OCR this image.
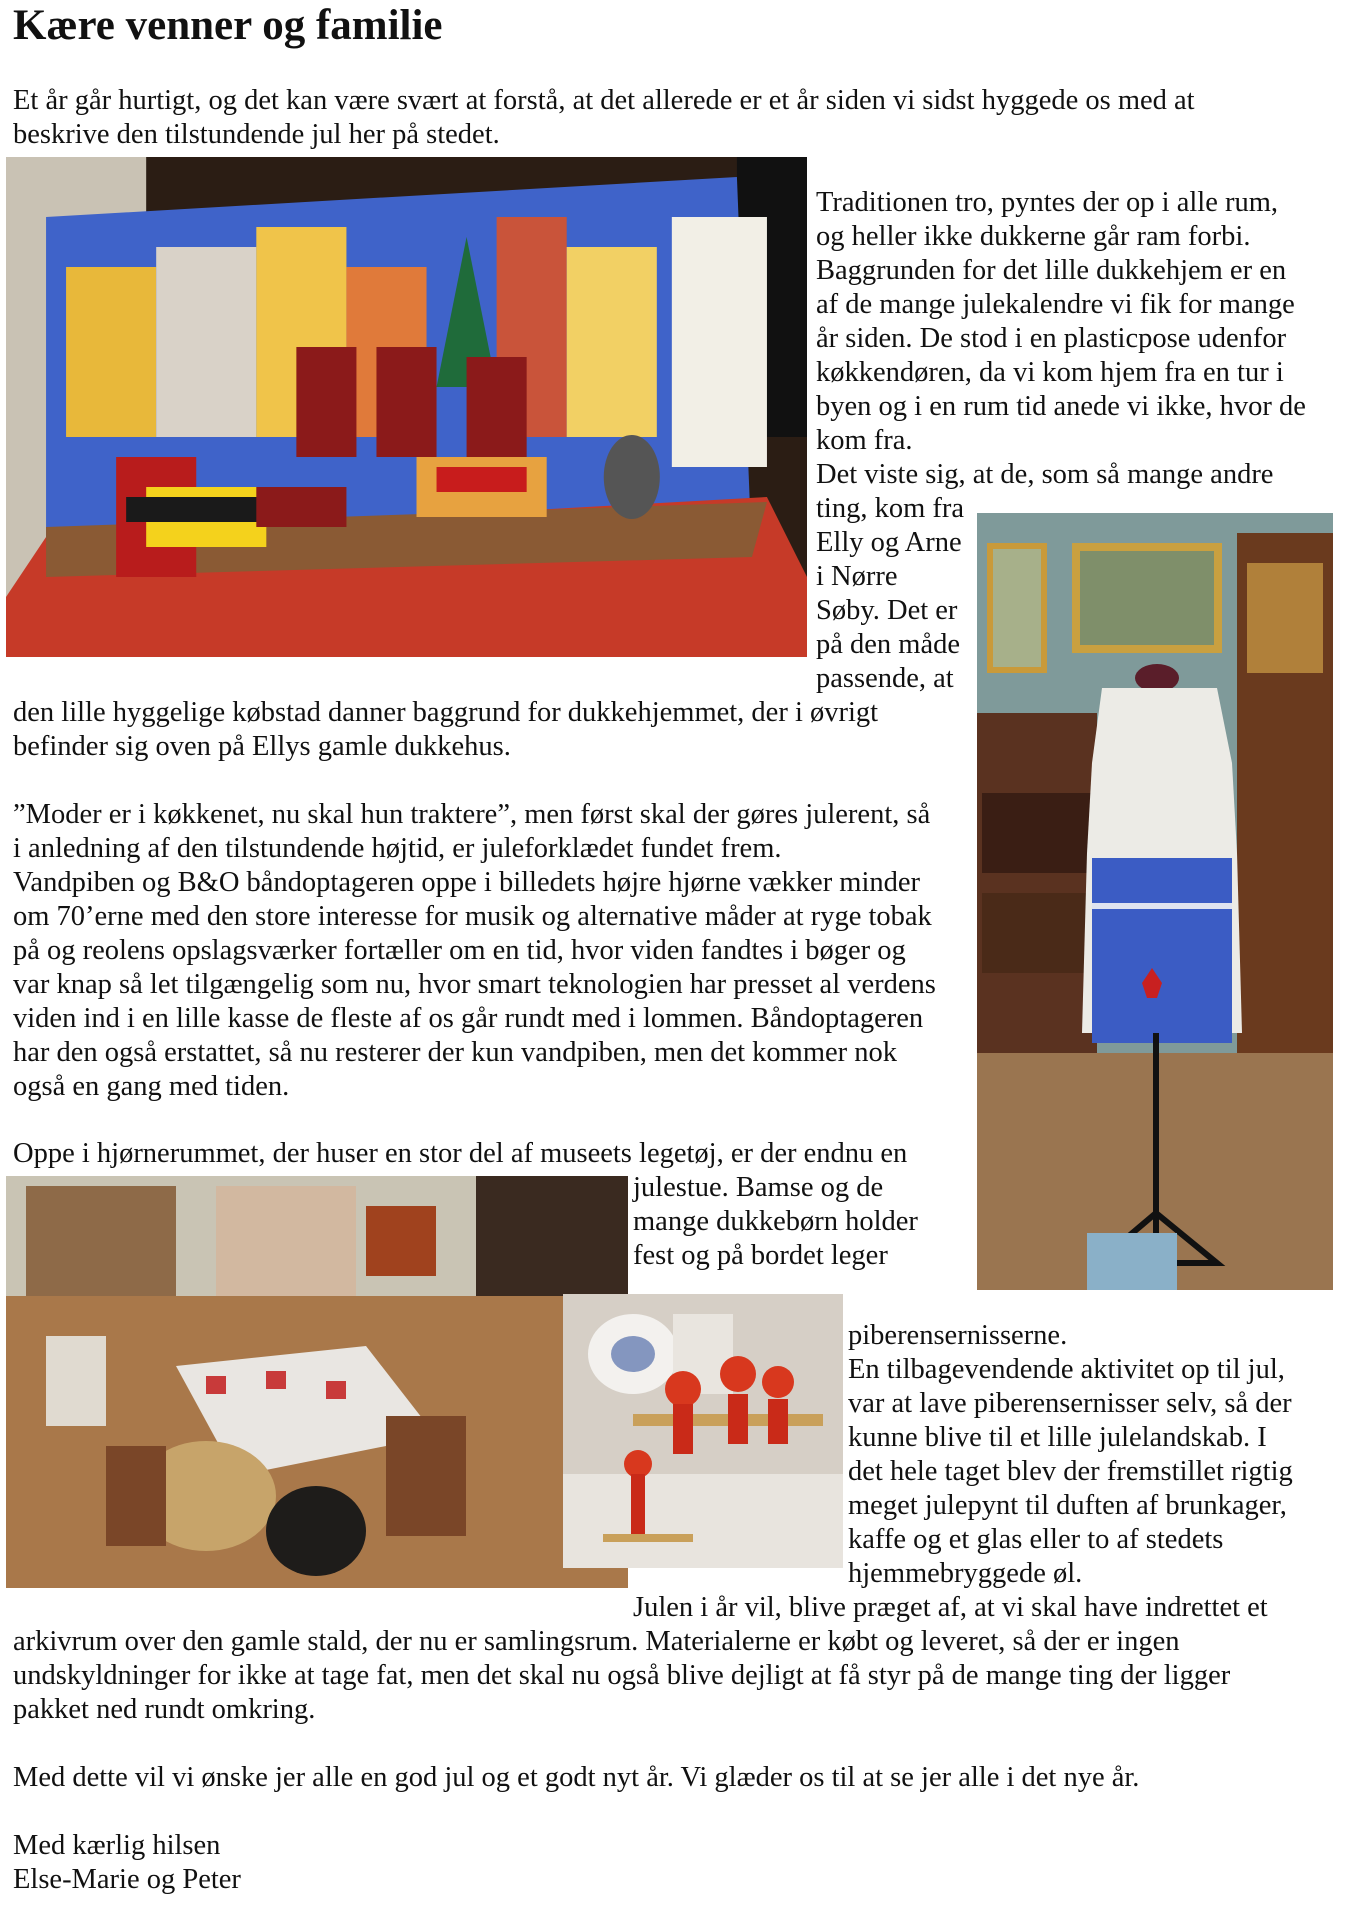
Kære venner og familie
Et år går hurtigt, og det kan være svært at forstå, at det allerede er et år siden vi sidst hyggede os med at
beskrive den tilstundende jul her på stedet.
Traditionen tro, pyntes der op i alle rum,
og heller ikke dukkerne går ram forbi.
Baggrunden for det lille dukkehjem er en
af de mange julekalendre vi fik for mange
år siden. De stod i en plasticpose udenfor
køkkendøren, da vi kom hjem fra en tur i
byen og i en rum tid anede vi ikke, hvor de
kom fra.
Det viste sig, at de, som så mange andre
ting, kom fra
Elly og Arne
i Nørre
Søby. Det er
på den måde
passende, at
den lille hyggelige købstad danner baggrund for dukkehjemmet, der i øvrigt
befinder sig oven på Ellys gamle dukkehus.
”Moder er i køkkenet, nu skal hun traktere”, men først skal der gøres julerent, så
i anledning af den tilstundende højtid, er juleforklædet fundet frem.
Vandpiben og B&O båndoptageren oppe i billedets højre hjørne vækker minder
om 70’erne med den store interesse for musik og alternative måder at ryge tobak
på og reolens opslagsværker fortæller om en tid, hvor viden fandtes i bøger og
var knap så let tilgængelig som nu, hvor smart teknologien har presset al verdens
viden ind i en lille kasse de fleste af os går rundt med i lommen. Båndoptageren
har den også erstattet, så nu resterer der kun vandpiben, men det kommer nok
også en gang med tiden.
Oppe i hjørnerummet, der huser en stor del af museets legetøj, er der endnu en
julestue. Bamse og de
mange dukkebørn holder
fest og på bordet leger
piberensernisserne.
En tilbagevendende aktivitet op til jul,
var at lave piberensernisser selv, så der
kunne blive til et lille julelandskab. I
det hele taget blev der fremstillet rigtig
meget julepynt til duften af brunkager,
kaffe og et glas eller to af stedets
hjemmebryggede øl.
Julen i år vil, blive præget af, at vi skal have indrettet et
arkivrum over den gamle stald, der nu er samlingsrum. Materialerne er købt og leveret, så der er ingen
undskyldninger for ikke at tage fat, men det skal nu også blive dejligt at få styr på de mange ting der ligger
pakket ned rundt omkring.
Med dette vil vi ønske jer alle en god jul og et godt nyt år. Vi glæder os til at se jer alle i det nye år.
Med kærlig hilsen
Else-Marie og Peter
